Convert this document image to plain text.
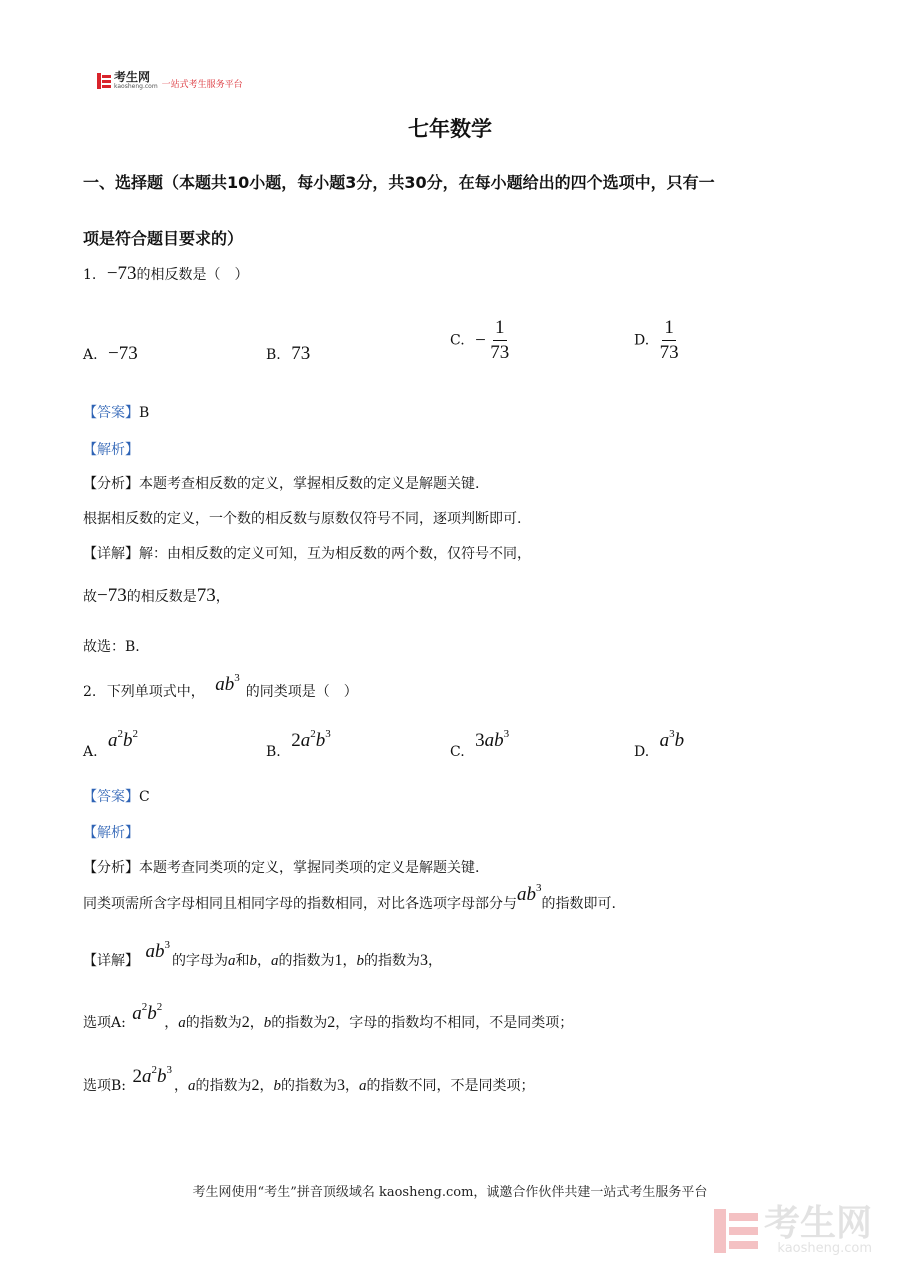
考生网
kaosheng.com 一站式考生服务平台
七年数学
一、选择题（本题共10小题，每小题3分，共30分，在每小题给出的四个选项中，只有一
项是符合题目要求的）
1. −73的相反数是（　）
A. −73	B. 73
C. − $\frac{1}{73}$	D. $\frac{1}{73}$
【答案】B
【解析】
【分析】本题考查相反数的定义，掌握相反数的定义是解题关键.
根据相反数的定义，一个数的相反数与原数仅符号不同，逐项判断即可.
【详解】解：由相反数的定义可知，互为相反数的两个数，仅符号不同，
故−73的相反数是73，
故选：B.
2. 下列单项式中， $ab^3$的同类项是（　）
A. $a^2b^2$
B. $2a^2b^3$
C. $3ab^3$
D. $a^3b$
【答案】C
【解析】
【分析】本题考查同类项的定义，掌握同类项的定义是解题关键.
同类项需所含字母相同且相同字母的指数相同，对比各选项字母部分与$ab^3$的指数即可.
【详解】 $ab^3$的字母为a和b，a的指数为1，b的指数为3，
选项A: $a^2b^2$，a的指数为2，b的指数为2，字母的指数均不相同，不是同类项；
选项B: $2a^2b^3$，a的指数为2，b的指数为3，a的指数不同，不是同类项；
考生网使用“考生”拼音顶级域名 kaosheng.com，诚邀合作伙伴共建一站式考生服务平台
考生网
kaosheng.com
